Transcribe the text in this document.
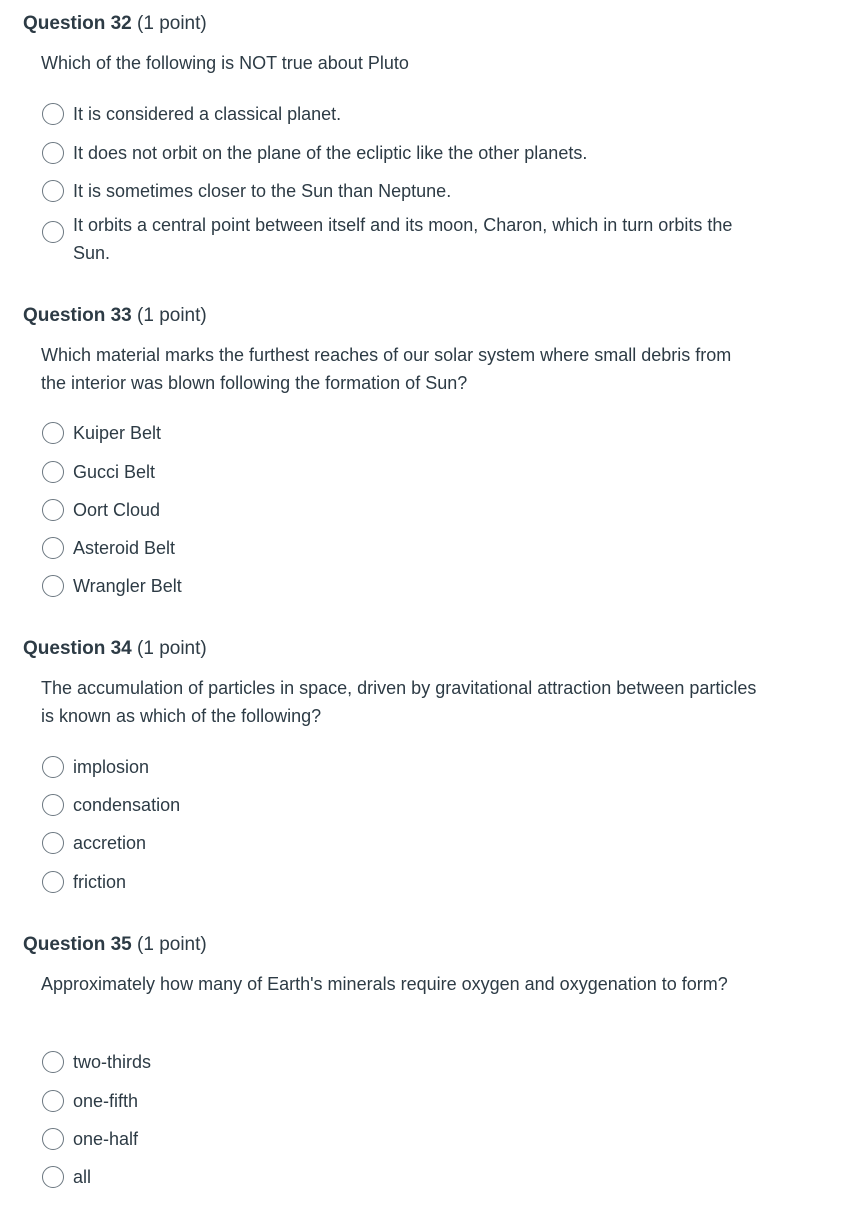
Question 32 (1 point)
Which of the following is NOT true about Pluto
It is considered a classical planet.
It does not orbit on the plane of the ecliptic like the other planets.
It is sometimes closer to the Sun than Neptune.
It orbits a central point between itself and its moon, Charon, which in turn orbits the Sun.
Question 33 (1 point)
Which material marks the furthest reaches of our solar system where small debris from the interior was blown following the formation of Sun?
Kuiper Belt
Gucci Belt
Oort Cloud
Asteroid Belt
Wrangler Belt
Question 34 (1 point)
The accumulation of particles in space, driven by gravitational attraction between particles is known as which of the following?
implosion
condensation
accretion
friction
Question 35 (1 point)
Approximately how many of Earth's minerals require oxygen and oxygenation to form?
two-thirds
one-fifth
one-half
all
